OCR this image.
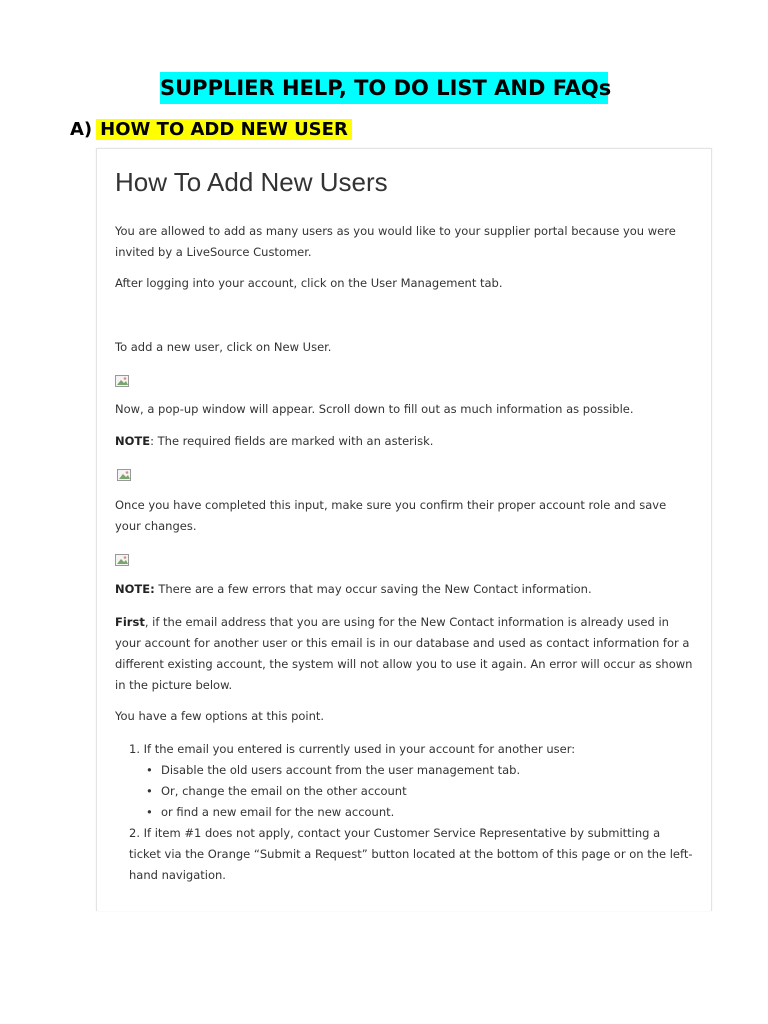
SUPPLIER HELP, TO DO LIST AND FAQs
A) HOW TO ADD NEW USER
How To Add New Users
You are allowed to add as many users as you would like to your supplier portal because you were invited by a LiveSource Customer.
After logging into your account, click on the User Management tab.
To add a new user, click on New User.
Now, a pop-up window will appear. Scroll down to fill out as much information as possible.
NOTE: The required fields are marked with an asterisk.
Once you have completed this input, make sure you confirm their proper account role and save your changes.
NOTE: There are a few errors that may occur saving the New Contact information.
First, if the email address that you are using for the New Contact information is already used in your account for another user or this email is in our database and used as contact information for a different existing account, the system will not allow you to use it again. An error will occur as shown in the picture below.
You have a few options at this point.
1. If the email you entered is currently used in your account for another user:
• Disable the old users account from the user management tab.
• Or, change the email on the other account
• or find a new email for the new account.
2. If item #1 does not apply, contact your Customer Service Representative by submitting a ticket via the Orange “Submit a Request” button located at the bottom of this page or on the left-hand navigation.
